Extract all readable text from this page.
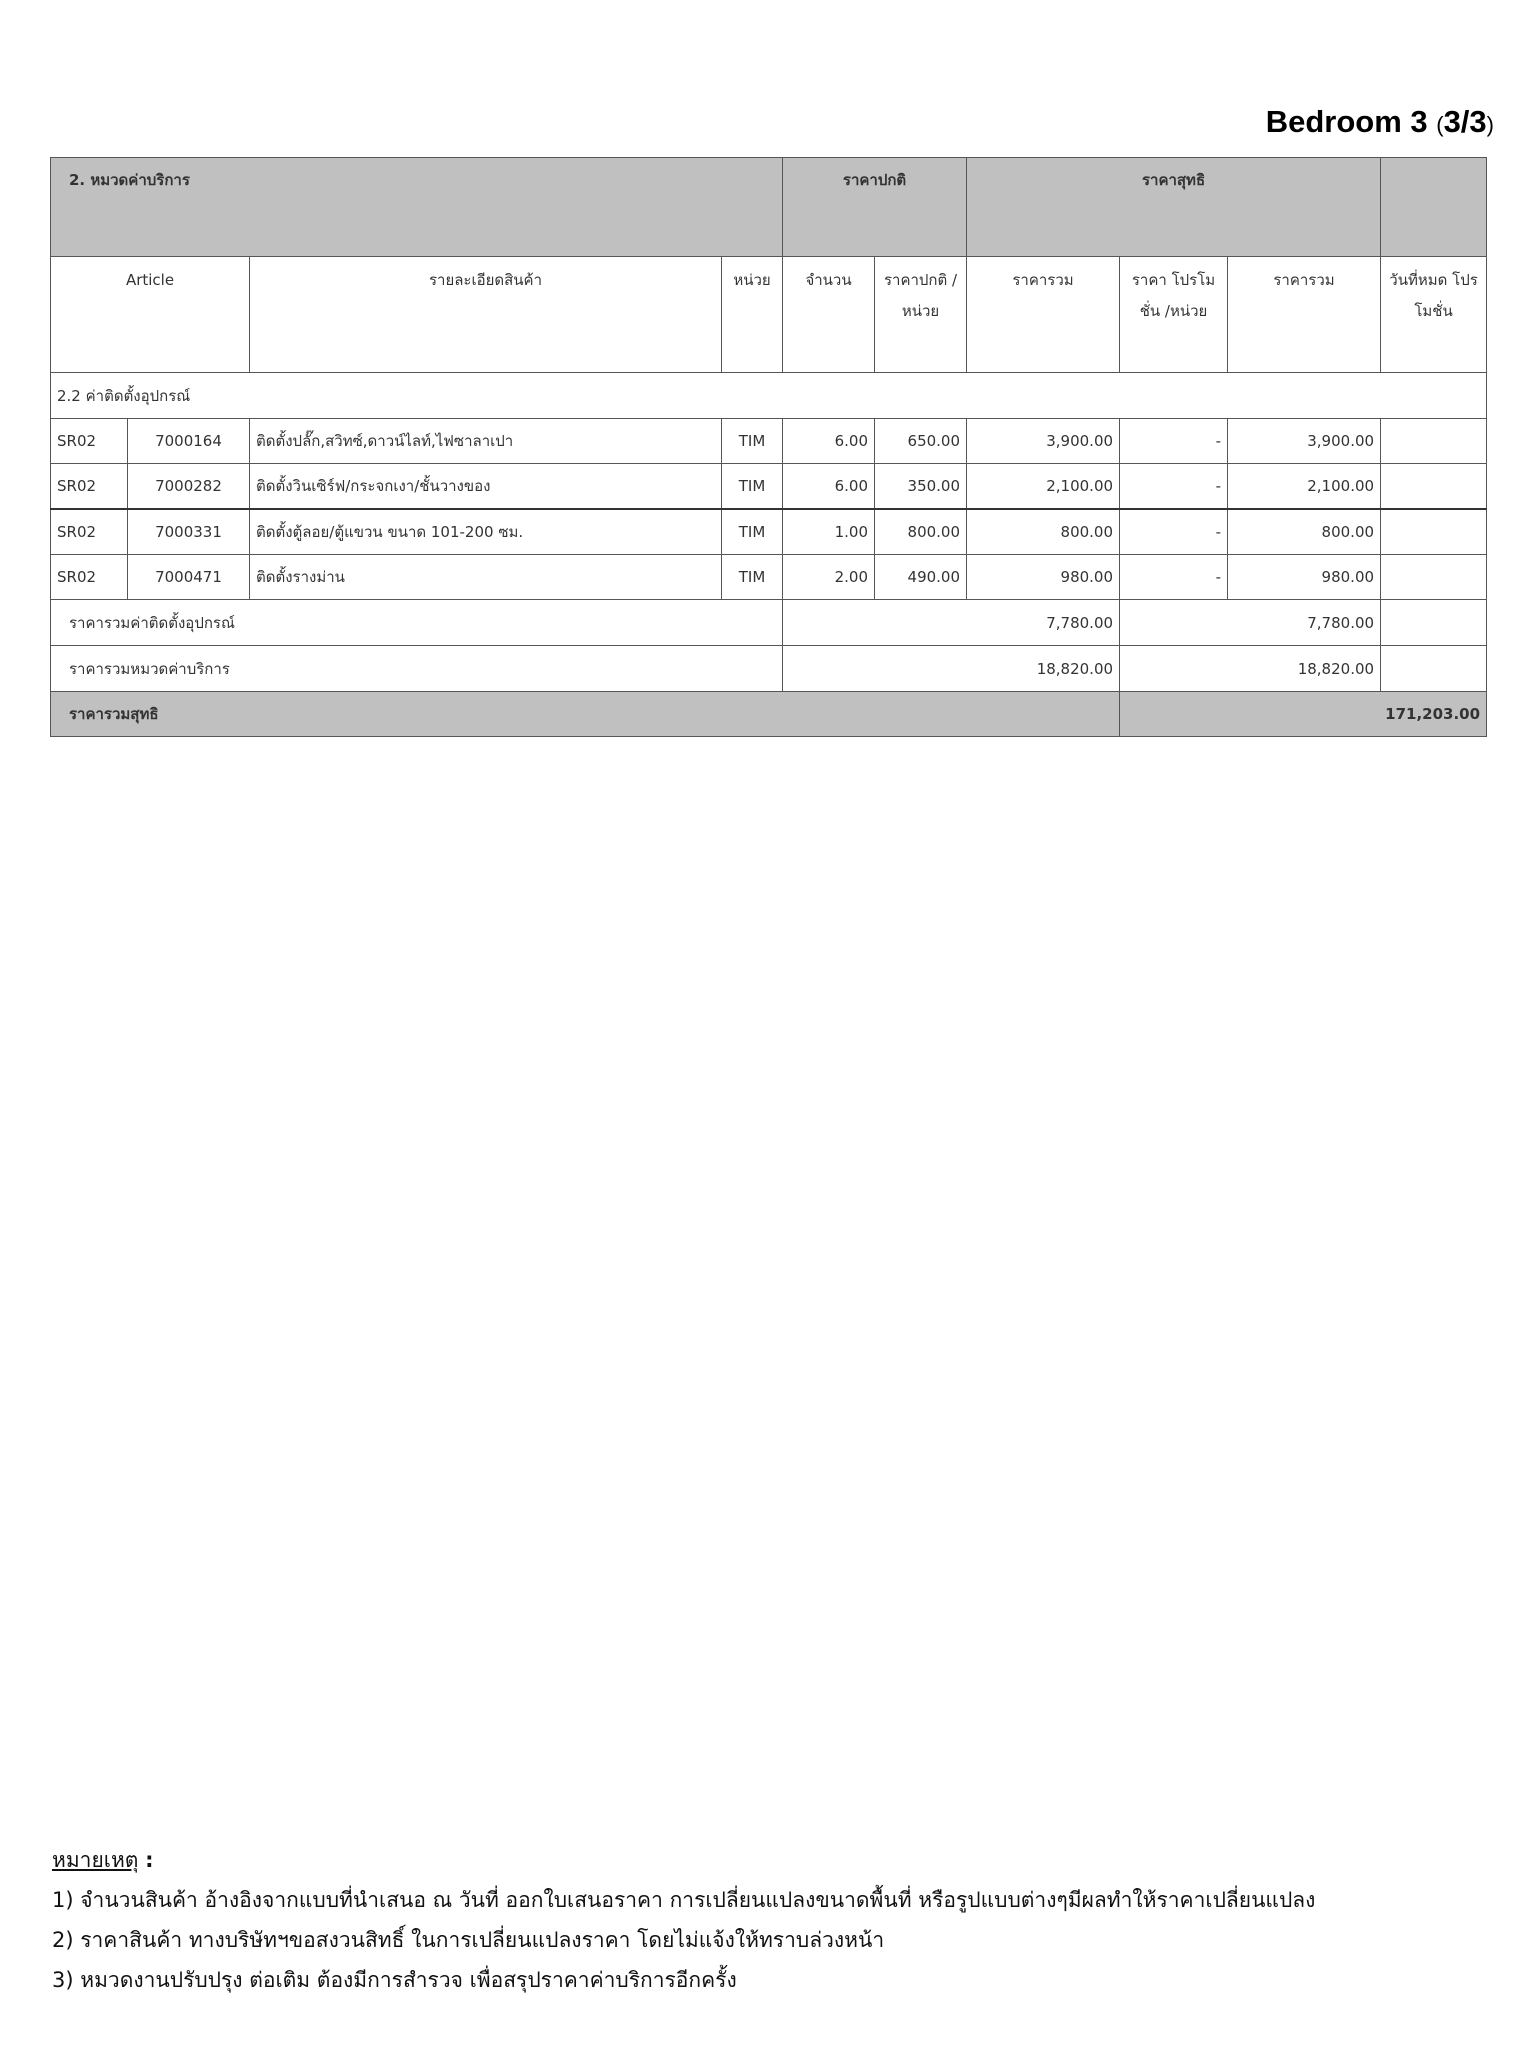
Bedroom 3 (3/3)
2. หมวดค่าบริการ				ราคาปกติ		ราคาสุทธิ			
Article		รายละเอียดสินค้า	หน่วย	จำนวน	ราคาปกติ /หน่วย	ราคารวม	ราคา โปรโมชั่น /หน่วย	ราคารวม	วันที่หมด โปรโมชั่น
2.2 ค่าติดตั้งอุปกรณ์									
SR02	7000164	ติดตั้งปลั๊ก,สวิทซ์,ดาวน์ไลท์,ไฟซาลาเปา	TIM	6.00	650.00	3,900.00	-	3,900.00	
SR02	7000282	ติดตั้งวินเซิร์ฟ/กระจกเงา/ชั้นวางของ	TIM	6.00	350.00	2,100.00	-	2,100.00	
SR02	7000331	ติดตั้งตู้ลอย/ตู้แขวน ขนาด 101-200 ซม.	TIM	1.00	800.00	800.00	-	800.00	
SR02	7000471	ติดตั้งรางม่าน	TIM	2.00	490.00	980.00	-	980.00	
ราคารวมค่าติดตั้งอุปกรณ์				7,780.00			7,780.00		
ราคารวมหมวดค่าบริการ				18,820.00			18,820.00		
ราคารวมสุทธิ							171,203.00		
หมายเหตุ :
1) จำนวนสินค้า อ้างอิงจากแบบที่นำเสนอ ณ วันที่ ออกใบเสนอราคา การเปลี่ยนแปลงขนาดพื้นที่ หรือรูปแบบต่างๆมีผลทำให้ราคาเปลี่ยนแปลง
2) ราคาสินค้า ทางบริษัทฯขอสงวนสิทธิ์ ในการเปลี่ยนแปลงราคา โดยไม่แจ้งให้ทราบล่วงหน้า
3) หมวดงานปรับปรุง ต่อเติม ต้องมีการสำรวจ เพื่อสรุปราคาค่าบริการอีกครั้ง
